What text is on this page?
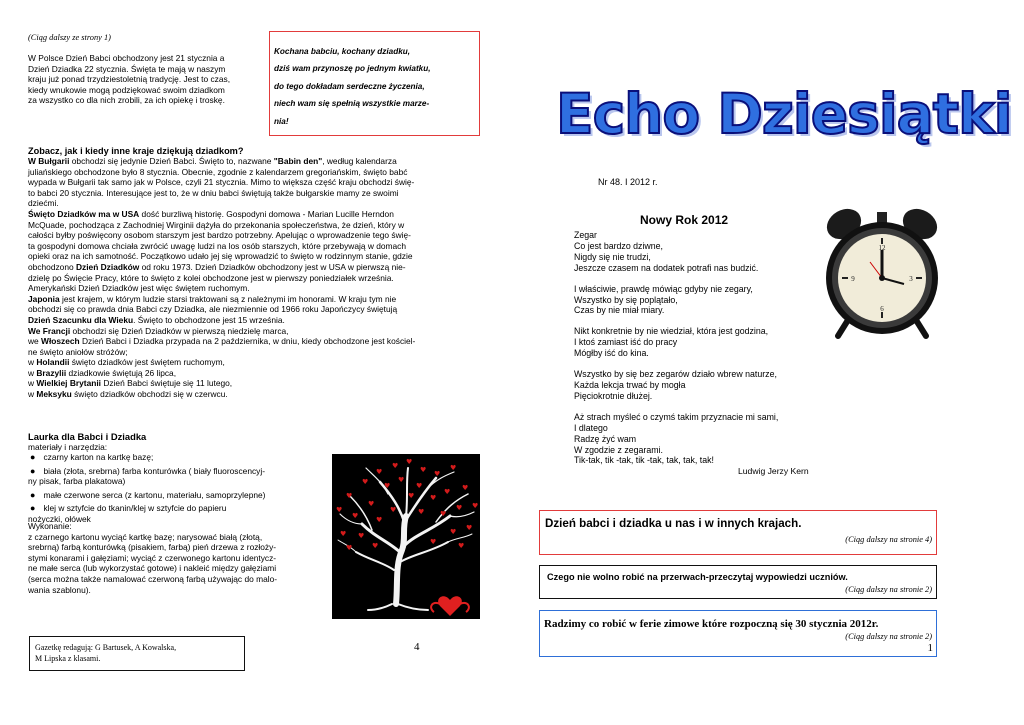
(Ciąg dalszy ze strony 1)
W Polsce Dzień Babci obchodzony jest 21 stycznia a
Dzień Dziadka 22 stycznia. Święta te mają w naszym
kraju już ponad trzydziestoletnią tradycję. Jest to czas,
kiedy wnukowie mogą podziękować swoim dziadkom
za wszystko co dla nich zrobili, za ich opiekę i troskę.
Kochana babciu, kochany dziadku,
dziś wam przynoszę po jednym kwiatku,
do tego dokładam serdeczne życzenia,
niech wam się spełnią wszystkie marze-
nia!
Zobacz, jak i kiedy inne kraje dziękują dziadkom?
W Bułgarii obchodzi się jedynie Dzień Babci. Święto to, nazwane "Babin den", według kalendarza
juliańskiego obchodzone było 8 stycznia. Obecnie, zgodnie z kalendarzem gregoriańskim, święto babć
wypada w Bułgarii tak samo jak w Polsce, czyli 21 stycznia. Mimo to większa część kraju obchodzi świę-
to babci 20 stycznia. Interesujące jest to, że w dniu babci świętują także bułgarskie mamy ze swoimi
dziećmi.
Święto Dziadków ma w USA dość burzliwą historię. Gospodyni domowa - Marian Lucille Herndon
McQuade, pochodząca z Zachodniej Wirginii dążyła do przekonania społeczeństwa, że dzień, który w
całości byłby poświęcony osobom starszym jest bardzo potrzebny. Apelując o wprowadzenie tego świę-
ta gospodyni domowa chciała zwrócić uwagę ludzi na los osób starszych, które przebywają w domach
opieki oraz na ich samotność. Początkowo udało jej się wprowadzić to święto w rodzinnym stanie, gdzie
obchodzono Dzień Dziadków od roku 1973. Dzień Dziadków obchodzony jest w USA w pierwszą nie-
dzielę po Święcie Pracy, które to święto z kolei obchodzone jest w pierwszy poniedziałek września.
Amerykański Dzień Dziadków jest więc świętem ruchomym.
Japonia jest krajem, w którym ludzie starsi traktowani są z należnymi im honorami. W kraju tym nie
obchodzi się co prawda dnia Babci czy Dziadka, ale niezmiennie od 1966 roku Japończycy świętują
Dzień Szacunku dla Wieku. Święto to obchodzone jest 15 września.
We Francji obchodzi się Dzień Dziadków w pierwszą niedzielę marca,
we Włoszech Dzień Babci i Dziadka przypada na 2 października, w dniu, kiedy obchodzone jest kościel-
ne święto aniołów stróżów;
w Holandii święto dziadków jest świętem ruchomym,
w Brazylii dziadkowie świętują 26 lipca,
w Wielkiej Brytanii Dzień Babci świętuje się 11 lutego,
w Meksyku święto dziadków obchodzi się w czerwcu.
Laurka dla Babci i Dziadka
materiały i narzędzia:
● czarny karton na kartkę bazę;
● biała (złota, srebrna) farba konturówka ( biały fluoroscencyj-
ny pisak, farba plakatowa)
● małe czerwone serca (z kartonu, materiału, samoprzylepne)
● klej w sztyfcie do tkanin/klej w sztyfcie do papieru
nożyczki, ołówek
Wykonanie:
z czarnego kartonu wyciąć kartkę bazę; narysować białą (złotą,
srebrną) farbą konturówką (pisakiem, farbą) pień drzewa z rozłoży-
stymi konarami i gałęziami; wyciąć z czerwonego kartonu identycz-
ne małe serca (lub wykorzystać gotowe) i nakleić między gałęziami
(serca można także namalować czerwoną farbą używając do malo-
wania szablonu).
♥
♥
♥
♥ ♥
♥ ♥
♥
♥
♥
♥
♥
♥
♥
♥
♥
♥
♥
♥
♥
♥
♥	♥
♥
♥	♥ ♥
♥	♥
♥	♥
♥
Gazetkę redagują: G Bartusek, A Kowalska,
M Lipska z klasami.
4
Echo Dziesiątki
Nr 48. I 2012 r.
Nowy Rok 2012

Zegar

Co jest bardzo dziwne,

Nigdy się nie trudzi,

Jeszcze czasem na dodatek potrafi nas budzić.

I właściwie, prawdę mówiąc gdyby nie zegary,

Wszystko by się poplątało,

Czas by nie miał miary.

Nikt konkretnie by nie wiedział, która jest godzina,

I ktoś zamiast iść do pracy

Mógłby iść do kina.

Wszystko by się bez zegarów działo wbrew naturze,

Każda lekcja trwać by mogła

Pięciokrotnie dłużej.

Aż strach myśleć o czymś takim przyznacie mi sami,

I dlatego

Radzę żyć wam

W zgodzie z zegarami.

Tik-tak, tik -tak, tik -tak, tak, tak, tak!

Ludwig Jerzy Kern
12
3
6
9
Dzień babci i dziadka u nas i w innych krajach.
(Ciąg dalszy na stronie 4)
Czego nie wolno robić na przerwach-przeczytaj wypowiedzi uczniów.
(Ciąg dalszy na stronie 2)
Radzimy co robić w ferie zimowe które rozpoczną się 30 stycznia 2012r.
(Ciąg dalszy na stronie 2)
1
